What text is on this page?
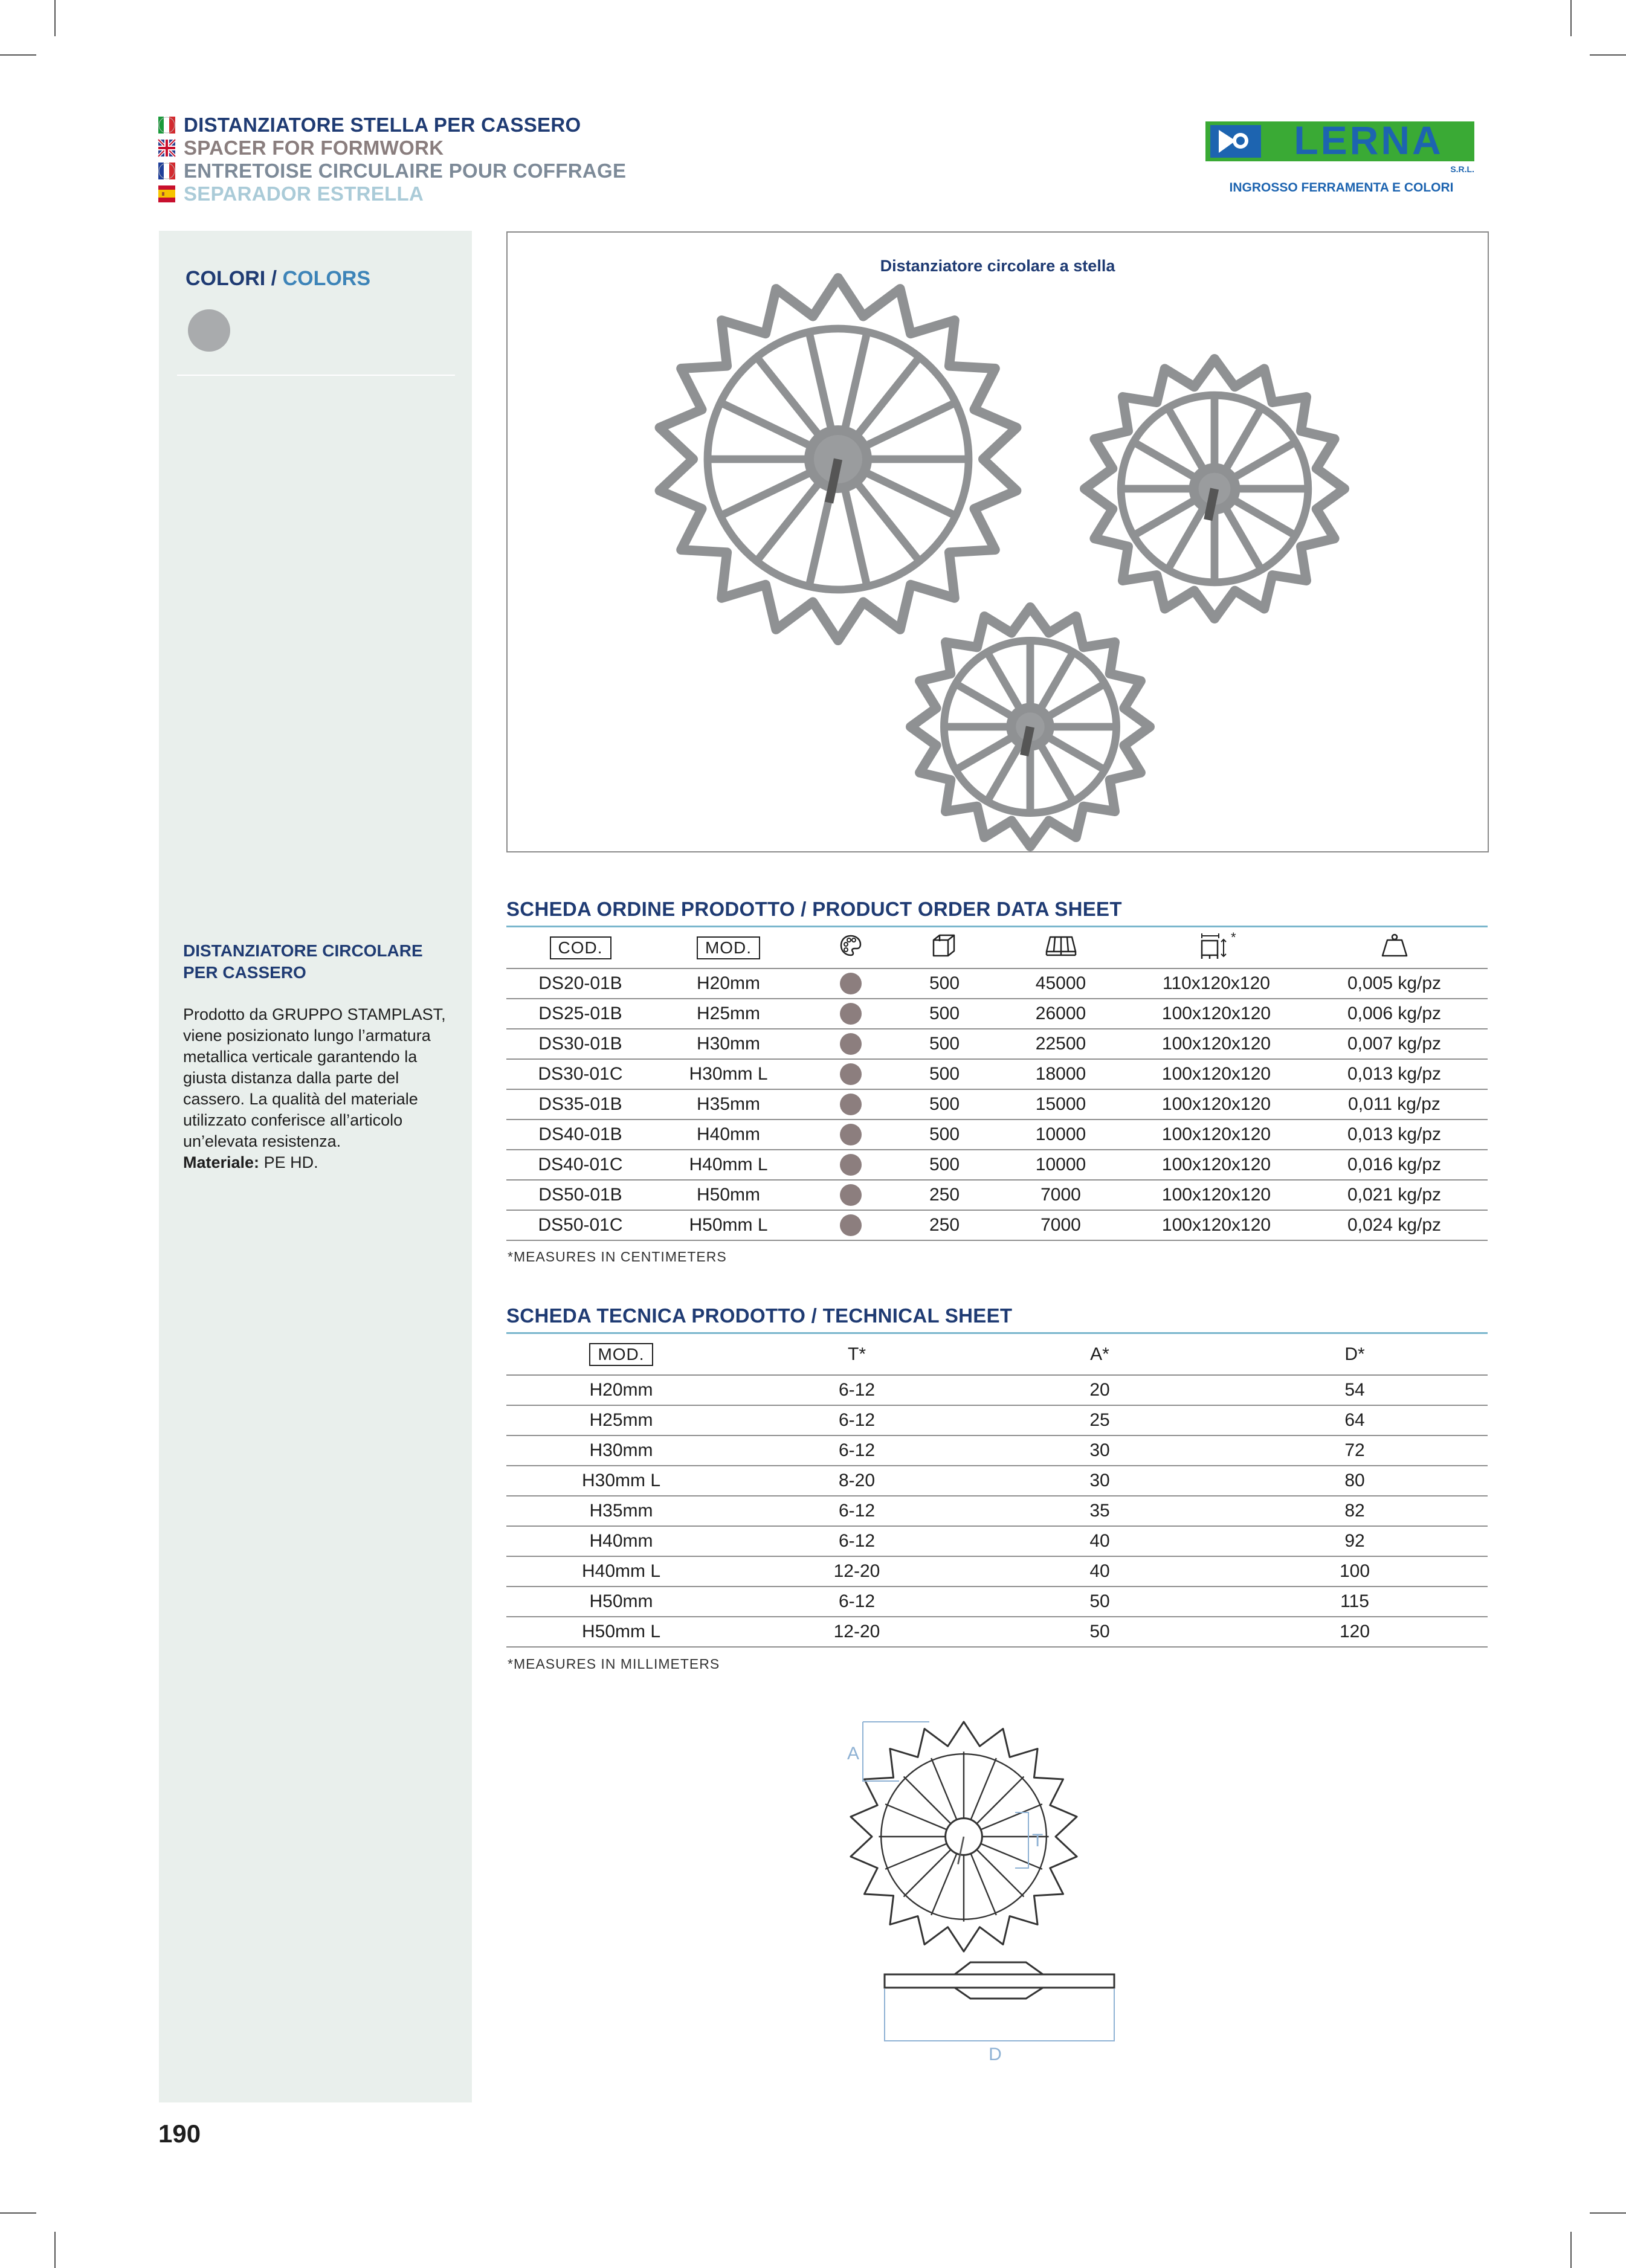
DISTANZIATORE STELLA PER CASSERO
SPACER FOR FORMWORK
ENTRETOISE CIRCULAIRE POUR COFFRAGE
SEPARADOR ESTRELLA
LERNA
S.R.L.
INGROSSO FERRAMENTA E COLORI
COLORI / COLORS
DISTANZIATORE CIRCOLARE PER CASSERO
Prodotto da GRUPPO STAMPLAST, viene posizionato lungo l’armatura metallica verticale garantendo la giusta distanza dalla parte del cassero. La qualità del materiale utilizzato conferisce all’articolo un’elevata resistenza.
Materiale: PE HD.
Distanziatore circolare a stella
SCHEDA ORDINE PRODOTTO / PRODUCT ORDER DATA SHEET
COD.	MOD.				*

DS20-01B	H20mm		500	45000	110x120x120	0,005 kg/pz
DS25-01B	H25mm		500	26000	100x120x120	0,006 kg/pz
DS30-01B	H30mm		500	22500	100x120x120	0,007 kg/pz
DS30-01C	H30mm L		500	18000	100x120x120	0,013 kg/pz
DS35-01B	H35mm		500	15000	100x120x120	0,011 kg/pz
DS40-01B	H40mm		500	10000	100x120x120	0,013 kg/pz
DS40-01C	H40mm L		500	10000	100x120x120	0,016 kg/pz
DS50-01B	H50mm		250	7000	100x120x120	0,021 kg/pz
DS50-01C	H50mm L		250	7000	100x120x120	0,024 kg/pz
*MEASURES IN CENTIMETERS
SCHEDA TECNICA PRODOTTO / TECHNICAL SHEET
MOD.	T*	A*	D*
H20mm	6-12	20	54
H25mm	6-12	25	64
H30mm	6-12	30	72
H30mm L	8-20	30	80
H35mm	6-12	35	82
H40mm	6-12	40	92
H40mm L	12-20	40	100
H50mm	6-12	50	115
H50mm L	12-20	50	120
*MEASURES IN MILLIMETERS
A
T
D
190
